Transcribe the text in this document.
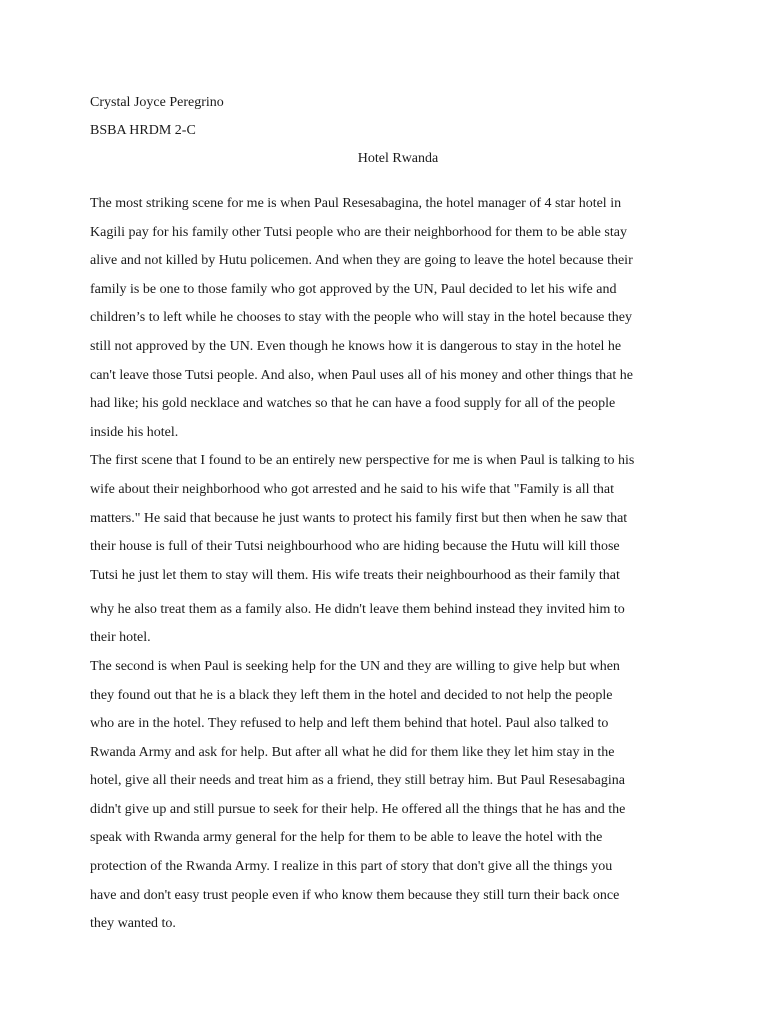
Crystal Joyce Peregrino

BSBA HRDM 2-C

Hotel Rwanda

The most striking scene for me is when Paul Resesabagina, the hotel manager of 4 star hotel in
Kagili pay for his family other Tutsi people who are their neighborhood for them to be able stay
alive and not killed by Hutu policemen. And when they are going to leave the hotel because their
family is be one to those family who got approved by the UN, Paul decided to let his wife and
children’s to left while he chooses to stay with the people who will stay in the hotel because they
still not approved by the UN. Even though he knows how it is dangerous to stay in the hotel he
can't leave those Tutsi people. And also, when Paul uses all of his money and other things that he
had like; his gold necklace and watches so that he can have a food supply for all of the people
inside his hotel.
The first scene that I found to be an entirely new perspective for me is when Paul is talking to his
wife about their neighborhood who got arrested and he said to his wife that "Family is all that
matters." He said that because he just wants to protect his family first but then when he saw that
their house is full of their Tutsi neighbourhood who are hiding because the Hutu will kill those
Tutsi he just let them to stay will them. His wife treats their neighbourhood as their family that
why he also treat them as a family also. He didn't leave them behind instead they invited him to
their hotel.
The second is when Paul is seeking help for the UN and they are willing to give help but when
they found out that he is a black they left them in the hotel and decided to not help the people
who are in the hotel. They refused to help and left them behind that hotel. Paul also talked to
Rwanda Army and ask for help. But after all what he did for them like they let him stay in the
hotel, give all their needs and treat him as a friend, they still betray him. But Paul Resesabagina
didn't give up and still pursue to seek for their help. He offered all the things that he has and the
speak with Rwanda army general for the help for them to be able to leave the hotel with the
protection of the Rwanda Army. I realize in this part of story that don't give all the things you
have and don't easy trust people even if who know them because they still turn their back once
they wanted to.
